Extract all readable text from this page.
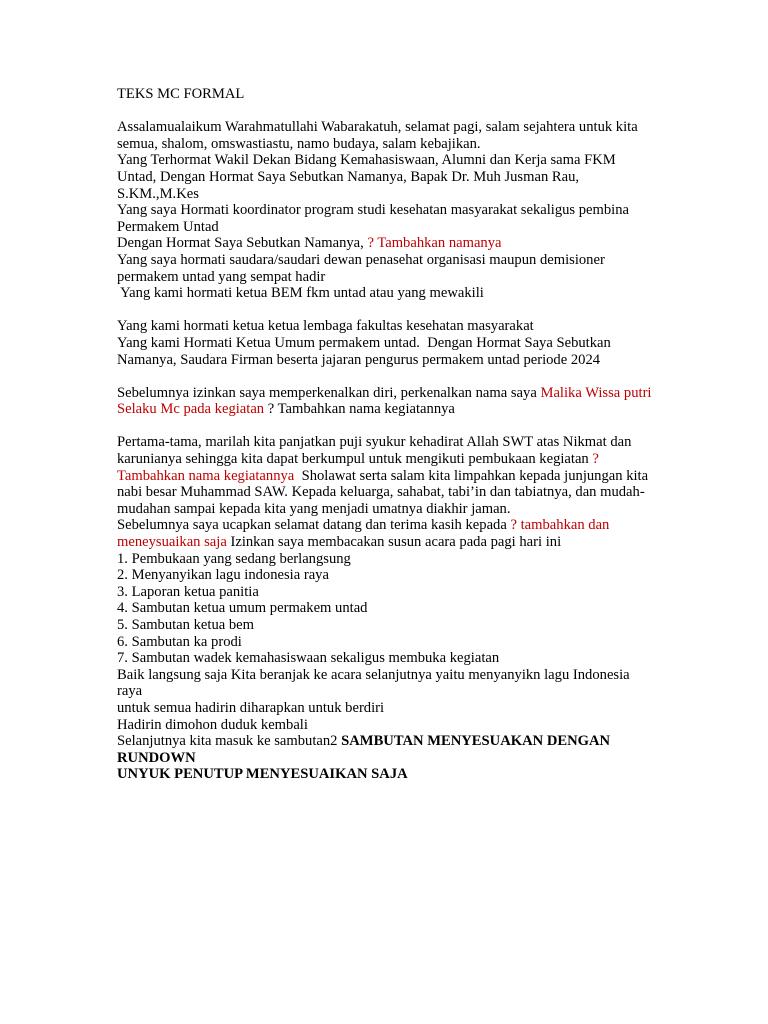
TEKS MC FORMAL

Assalamualaikum Warahmatullahi Wabarakatuh, selamat pagi, salam sejahtera untuk kita semua, shalom, omswastiastu, namo budaya, salam kebajikan.

Yang Terhormat Wakil Dekan Bidang Kemahasiswaan, Alumni dan Kerja sama FKM Untad, Dengan Hormat Saya Sebutkan Namanya, Bapak Dr. Muh Jusman Rau, S.KM.,M.Kes

Yang saya Hormati koordinator program studi kesehatan masyarakat sekaligus pembina Permakem Untad

Dengan Hormat Saya Sebutkan Namanya, ? Tambahkan namanya

Yang saya hormati saudara/saudari dewan penasehat organisasi maupun demisioner permakem untad yang sempat hadir

Yang kami hormati ketua BEM fkm untad atau yang mewakili

Yang kami hormati ketua ketua lembaga fakultas kesehatan masyarakat

Yang kami Hormati Ketua Umum permakem untad.  Dengan Hormat Saya Sebutkan Namanya, Saudara Firman beserta jajaran pengurus permakem untad periode 2024

Sebelumnya izinkan saya memperkenalkan diri, perkenalkan nama saya Malika Wissa putri Selaku Mc pada kegiatan ? Tambahkan nama kegiatannya

Pertama-tama, marilah kita panjatkan puji syukur kehadirat Allah SWT atas Nikmat dan karunianya sehingga kita dapat berkumpul untuk mengikuti pembukaan kegiatan ? Tambahkan nama kegiatannya  Sholawat serta salam kita limpahkan kepada junjungan kita nabi besar Muhammad SAW. Kepada keluarga, sahabat, tabi’in dan tabiatnya, dan mudah-mudahan sampai kepada kita yang menjadi umatnya diakhir jaman.

Sebelumnya saya ucapkan selamat datang dan terima kasih kepada ? tambahkan dan meneysuaikan saja Izinkan saya membacakan susun acara pada pagi hari ini

1. Pembukaan yang sedang berlangsung

2. Menyanyikan lagu indonesia raya

3. Laporan ketua panitia

4. Sambutan ketua umum permakem untad

5. Sambutan ketua bem

6. Sambutan ka prodi

7. Sambutan wadek kemahasiswaan sekaligus membuka kegiatan

Baik langsung saja Kita beranjak ke acara selanjutnya yaitu menyanyikn lagu Indonesia raya

untuk semua hadirin diharapkan untuk berdiri

Hadirin dimohon duduk kembali

Selanjutnya kita masuk ke sambutan2 SAMBUTAN MENYESUAKAN DENGAN RUNDOWN

UNYUK PENUTUP MENYESUAIKAN SAJA
